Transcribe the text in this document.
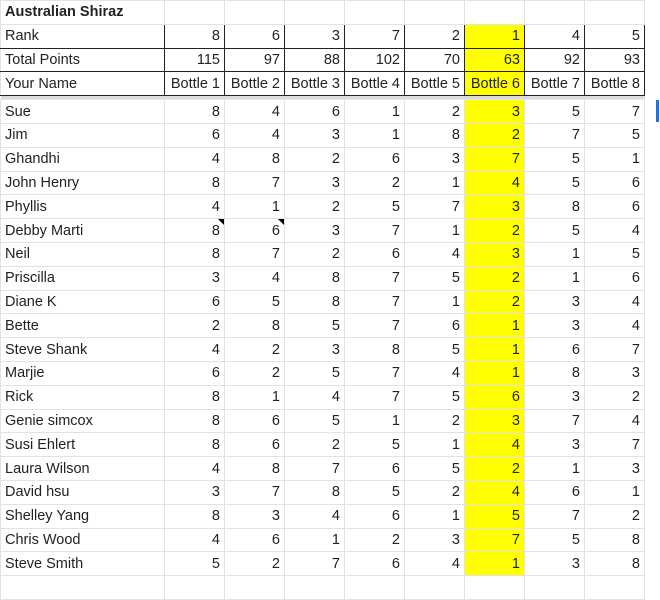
Australian Shiraz								
Rank	8	6	3	7	2	1	4	5
Total Points	115	97	88	102	70	63	92	93
Your Name	Bottle 1	Bottle 2	Bottle 3	Bottle 4	Bottle 5	Bottle 6	Bottle 7	Bottle 8

Sue	8	4	6	1	2	3	5	7
Jim	6	4	3	1	8	2	7	5
Ghandhi	4	8	2	6	3	7	5	1
John Henry	8	7	3	2	1	4	5	6
Phyllis	4	1	2	5	7	3	8	6
Debby Marti	8	6	3	7	1	2	5	4
Neil	8	7	2	6	4	3	1	5
Priscilla	3	4	8	7	5	2	1	6
Diane K	6	5	8	7	1	2	3	4
Bette	2	8	5	7	6	1	3	4
Steve Shank	4	2	3	8	5	1	6	7
Marjie	6	2	5	7	4	1	8	3
Rick	8	1	4	7	5	6	3	2
Genie simcox	8	6	5	1	2	3	7	4
Susi Ehlert	8	6	2	5	1	4	3	7
Laura Wilson	4	8	7	6	5	2	1	3
David hsu	3	7	8	5	2	4	6	1
Shelley Yang	8	3	4	6	1	5	7	2
Chris Wood	4	6	1	2	3	7	5	8
Steve Smith	5	2	7	6	4	1	3	8
